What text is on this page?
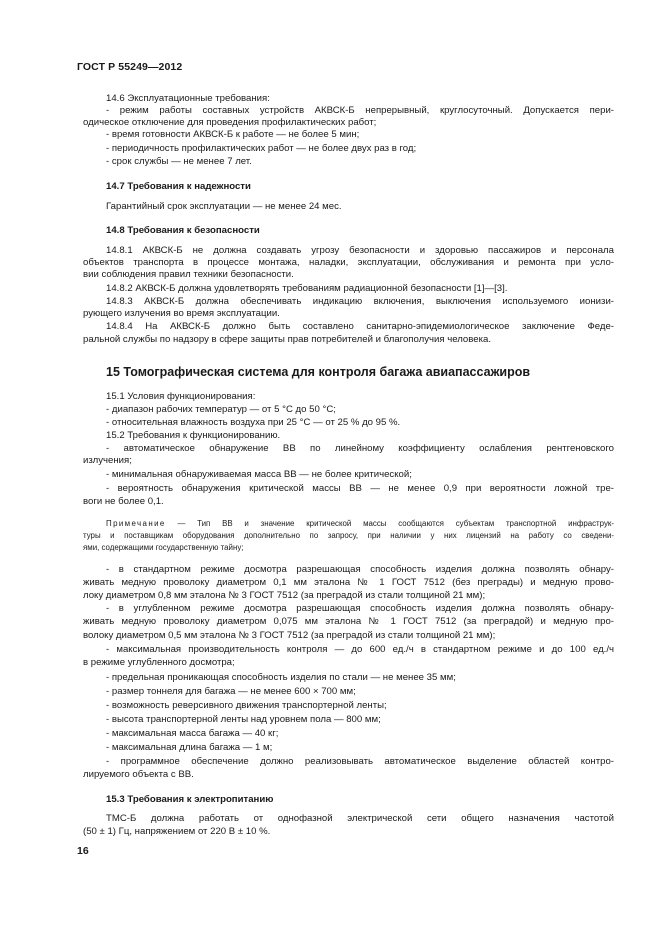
ГОСТ Р 55249—2012
14.6 Эксплуатационные требования:
- режим работы составных устройств АКВСК-Б непрерывный, круглосуточный. Допускается пери-
одическое отключение для проведения профилактических работ;
- время готовности АКВСК-Б к работе — не более 5 мин;
- периодичность профилактических работ — не более двух раз в год;
- срок службы — не менее 7 лет.
14.7 Требования к надежности
Гарантийный срок эксплуатации — не менее 24 мес.
14.8 Требования к безопасности
14.8.1 АКВСК-Б не должна создавать угрозу безопасности и здоровью пассажиров и персонала
объектов транспорта в процессе монтажа, наладки, эксплуатации, обслуживания и ремонта при усло-
вии соблюдения правил техники безопасности.
14.8.2 АКВСК-Б должна удовлетворять требованиям радиационной безопасности [1]—[3].
14.8.3 АКВСК-Б должна обеспечивать индикацию включения, выключения используемого ионизи-
рующего излучения во время эксплуатации.
14.8.4 На АКВСК-Б должно быть составлено санитарно-эпидемиологическое заключение Феде-
ральной службы по надзору в сфере защиты прав потребителей и благополучия человека.
15 Томографическая система для контроля багажа авиапассажиров
15.1 Условия функционирования:
- диапазон рабочих температур — от 5 °С до 50 °С;
- относительная влажность воздуха при 25 °С — от 25 % до 95 %.
15.2 Требования к функционированию.
- автоматическое обнаружение ВВ по линейному коэффициенту ослабления рентгеновского
излучения;
- минимальная обнаруживаемая масса ВВ — не более критической;
- вероятность обнаружения критической массы ВВ — не менее 0,9 при вероятности ложной тре-
воги не более 0,1.
Примечание — Тип ВВ и значение критической массы сообщаются субъектам транспортной инфраструк-
туры и поставщикам оборудования дополнительно по запросу, при наличии у них лицензий на работу со сведени-
ями, содержащими государственную тайну;
- в стандартном режиме досмотра разрешающая способность изделия должна позволять обнару-
живать медную проволоку диаметром 0,1 мм эталона № 1 ГОСТ 7512 (без преграды) и медную прово-
локу диаметром 0,8 мм эталона № 3 ГОСТ 7512 (за преградой из стали толщиной 21 мм);
- в углубленном режиме досмотра разрешающая способность изделия должна позволять обнару-
живать медную проволоку диаметром 0,075 мм эталона № 1 ГОСТ 7512 (за преградой) и медную про-
волоку диаметром 0,5 мм эталона № 3 ГОСТ 7512 (за преградой из стали толщиной 21 мм);
- максимальная производительность контроля — до 600 ед./ч в стандартном режиме и до 100 ед./ч
в режиме углубленного досмотра;
- предельная проникающая способность изделия по стали — не менее 35 мм;
- размер тоннеля для багажа — не менее 600 × 700 мм;
- возможность реверсивного движения транспортерной ленты;
- высота транспортерной ленты над уровнем пола — 800 мм;
- максимальная масса багажа — 40 кг;
- максимальная длина багажа — 1 м;
- программное обеспечение должно реализовывать автоматическое выделение областей контро-
лируемого объекта с ВВ.
15.3 Требования к электропитанию
ТМС-Б должна работать от однофазной электрической сети общего назначения частотой
(50 ± 1) Гц, напряжением от 220 В ± 10 %.
16
